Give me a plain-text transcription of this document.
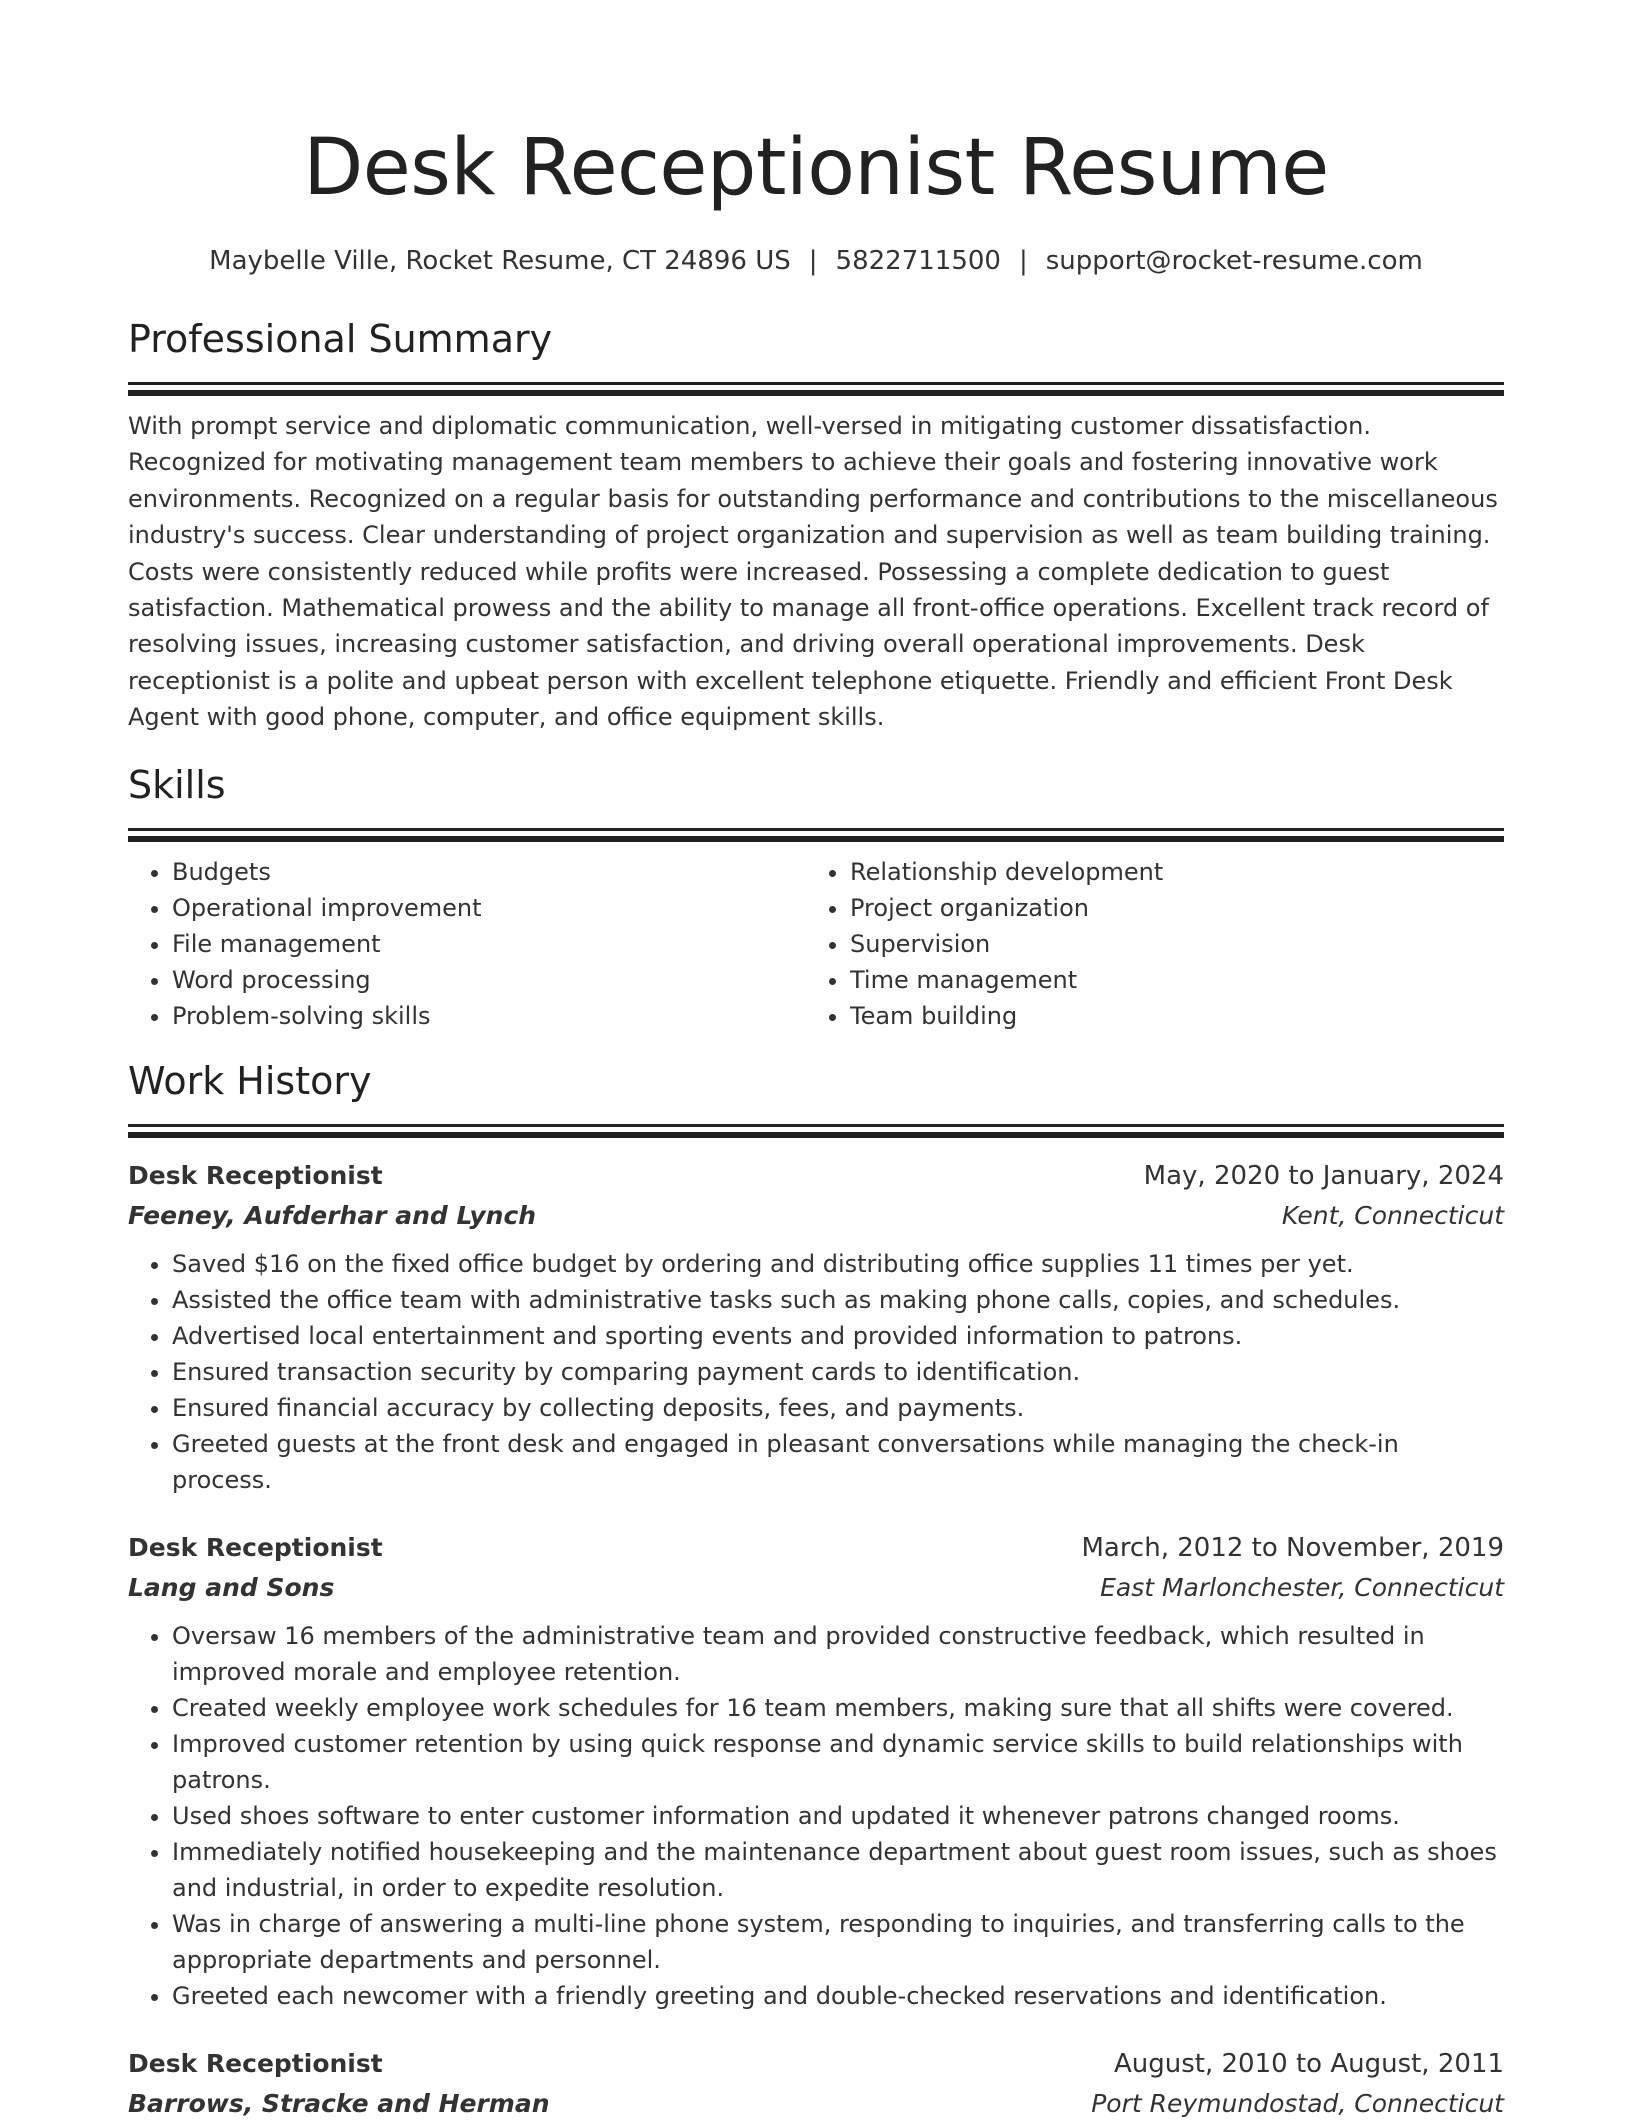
Desk Receptionist Resume
Maybelle Ville, Rocket Resume, CT 24896 US | 5822711500 | support@rocket-resume.com
Professional Summary
With prompt service and diplomatic communication, well-versed in mitigating customer dissatisfaction. Recognized for motivating management team members to achieve their goals and fostering innovative work environments. Recognized on a regular basis for outstanding performance and contributions to the miscellaneous industry's success. Clear understanding of project organization and supervision as well as team building training. Costs were consistently reduced while profits were increased. Possessing a complete dedication to guest satisfaction. Mathematical prowess and the ability to manage all front-office operations. Excellent track record of resolving issues, increasing customer satisfaction, and driving overall operational improvements. Desk receptionist is a polite and upbeat person with excellent telephone etiquette. Friendly and efficient Front Desk Agent with good phone, computer, and office equipment skills.
Skills
• Budgets
• Operational improvement
• File management
• Word processing
• Problem-solving skills
• Relationship development
• Project organization
• Supervision
• Time management
• Team building
Work History
Desk Receptionist	May, 2020 to January, 2024
Feeney, Aufderhar and Lynch	Kent, Connecticut
• Saved $16 on the fixed office budget by ordering and distributing office supplies 11 times per yet.
• Assisted the office team with administrative tasks such as making phone calls, copies, and schedules.
• Advertised local entertainment and sporting events and provided information to patrons.
• Ensured transaction security by comparing payment cards to identification.
• Ensured financial accuracy by collecting deposits, fees, and payments.
• Greeted guests at the front desk and engaged in pleasant conversations while managing the check-in process.
Desk Receptionist	March, 2012 to November, 2019
Lang and Sons	East Marlonchester, Connecticut
• Oversaw 16 members of the administrative team and provided constructive feedback, which resulted in improved morale and employee retention.
• Created weekly employee work schedules for 16 team members, making sure that all shifts were covered.
• Improved customer retention by using quick response and dynamic service skills to build relationships with patrons.
• Used shoes software to enter customer information and updated it whenever patrons changed rooms.
• Immediately notified housekeeping and the maintenance department about guest room issues, such as shoes and industrial, in order to expedite resolution.
• Was in charge of answering a multi-line phone system, responding to inquiries, and transferring calls to the appropriate departments and personnel.
• Greeted each newcomer with a friendly greeting and double-checked reservations and identification.
Desk Receptionist	August, 2010 to August, 2011
Barrows, Stracke and Herman	Port Reymundostad, Connecticut
